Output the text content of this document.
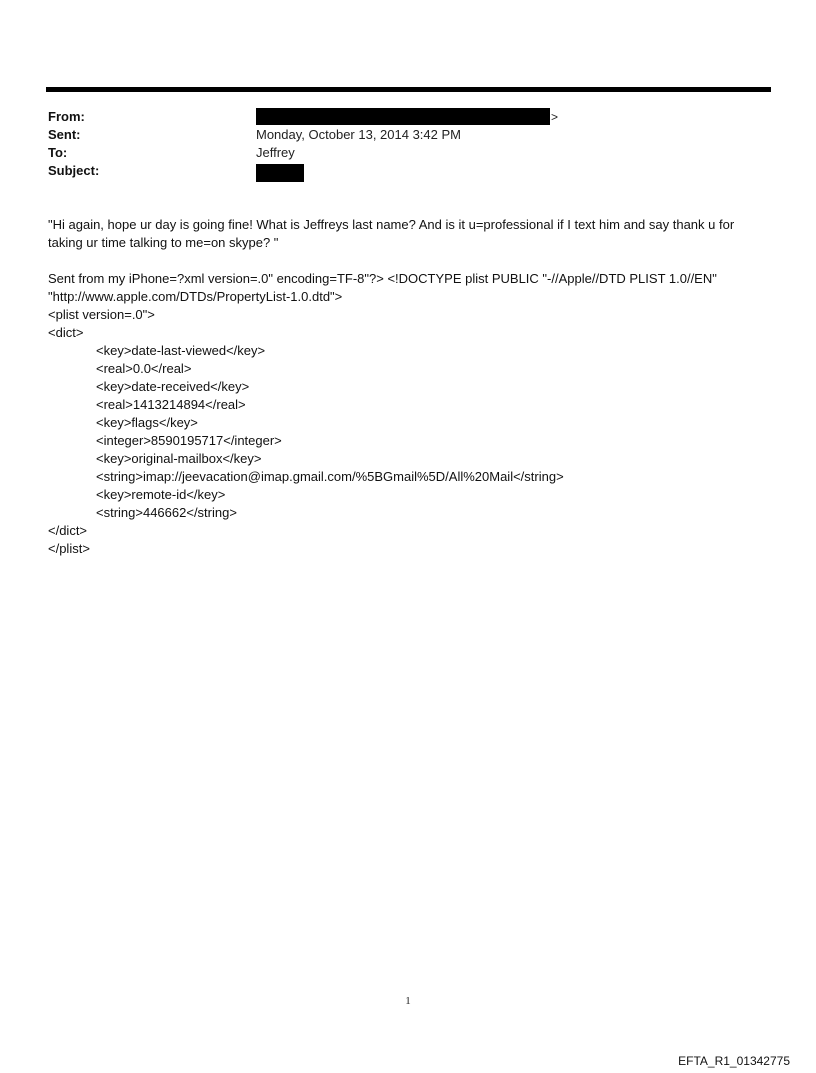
From:	>
Sent:	Monday, October 13, 2014 3:42 PM
To:	Jeffrey
Subject:
"Hi again, hope ur day is going fine! What is Jeffreys last name? And is it u=professional if I text him and say thank u for
taking ur time talking to me=on skype? "
Sent from my iPhone=?xml version=.0" encoding=TF-8"?> <!DOCTYPE plist PUBLIC "-//Apple//DTD PLIST 1.0//EN"
"http://www.apple.com/DTDs/PropertyList-1.0.dtd">
<plist version=.0">
<dict>
<key>date-last-viewed</key>
<real>0.0</real>
<key>date-received</key>
<real>1413214894</real>
<key>flags</key>
<integer>8590195717</integer>
<key>original-mailbox</key>
<string>imap://jeevacation@imap.gmail.com/%5BGmail%5D/All%20Mail</string>
<key>remote-id</key>
<string>446662</string>
</dict>
</plist>
1
EFTA_R1_01342775
